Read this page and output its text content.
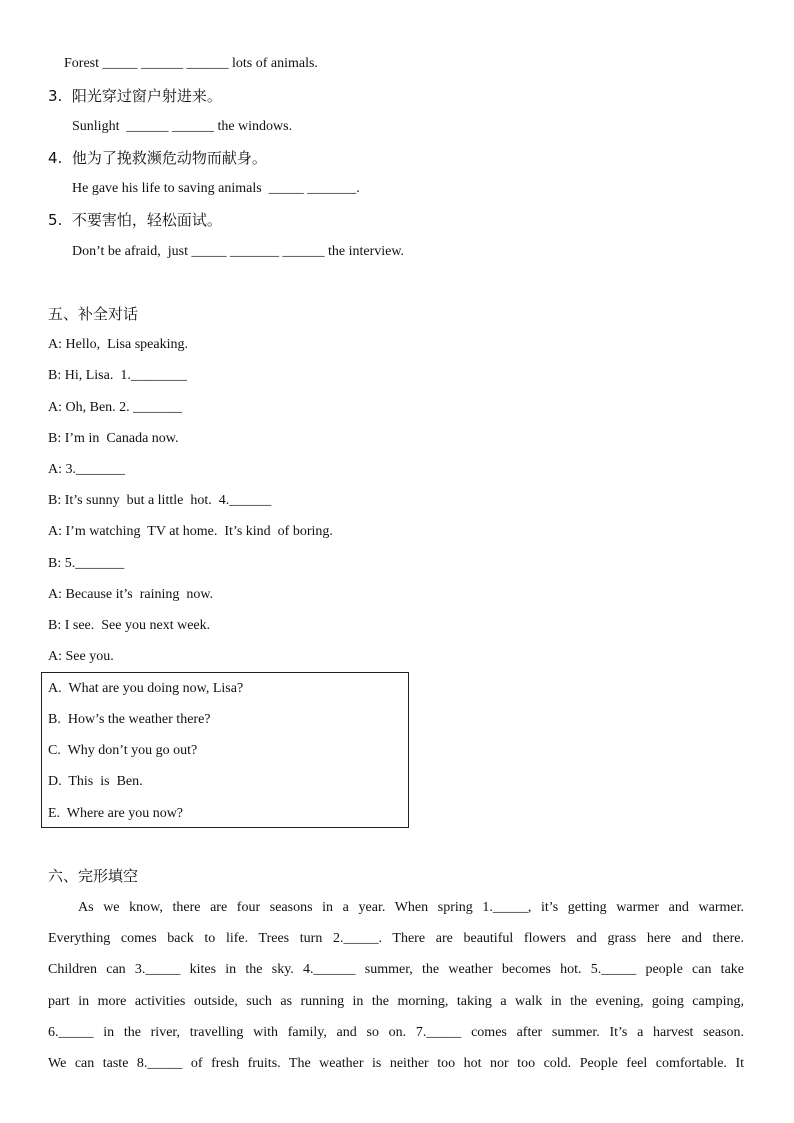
Forest _____ ______ ______ lots of animals.
3.  阳光穿过窗户射进来。
Sunlight  ______ ______ the windows.
4.  他为了挽救濒危动物而献身。
He gave his life to saving animals  _____ _______.
5.  不要害怕，轻松面试。
Don’t be afraid,  just _____ _______ ______ the interview.
五、补全对话
A: Hello,  Lisa speaking.
B: Hi, Lisa.  1.________
A: Oh, Ben. 2. _______
B: I’m in  Canada now.
A: 3._______
B: It’s sunny  but a little  hot.  4.______
A: I’m watching  TV at home.  It’s kind  of boring.
B: 5._______
A: Because it’s  raining  now.
B: I see.  See you next week.
A: See you.
A.  What are you doing now, Lisa?
B.  How’s the weather there?
C.  Why don’t you go out?
D.  This  is  Ben.
E.  Where are you now?
六、完形填空
As we know, there are four seasons in a year. When spring 1._____, it’s getting warmer and warmer.
Everything comes back to life. Trees turn 2._____. There are beautiful flowers and grass here and there.
Children can 3._____ kites in the sky. 4.______ summer, the weather becomes hot. 5._____ people can take
part in more activities outside, such as running in the morning, taking a walk in the evening, going camping,
6._____ in the river, travelling with family, and so on. 7._____ comes after summer. It’s a harvest season.
We can taste 8._____ of fresh fruits. The weather is neither too hot nor too cold. People feel comfortable. It
